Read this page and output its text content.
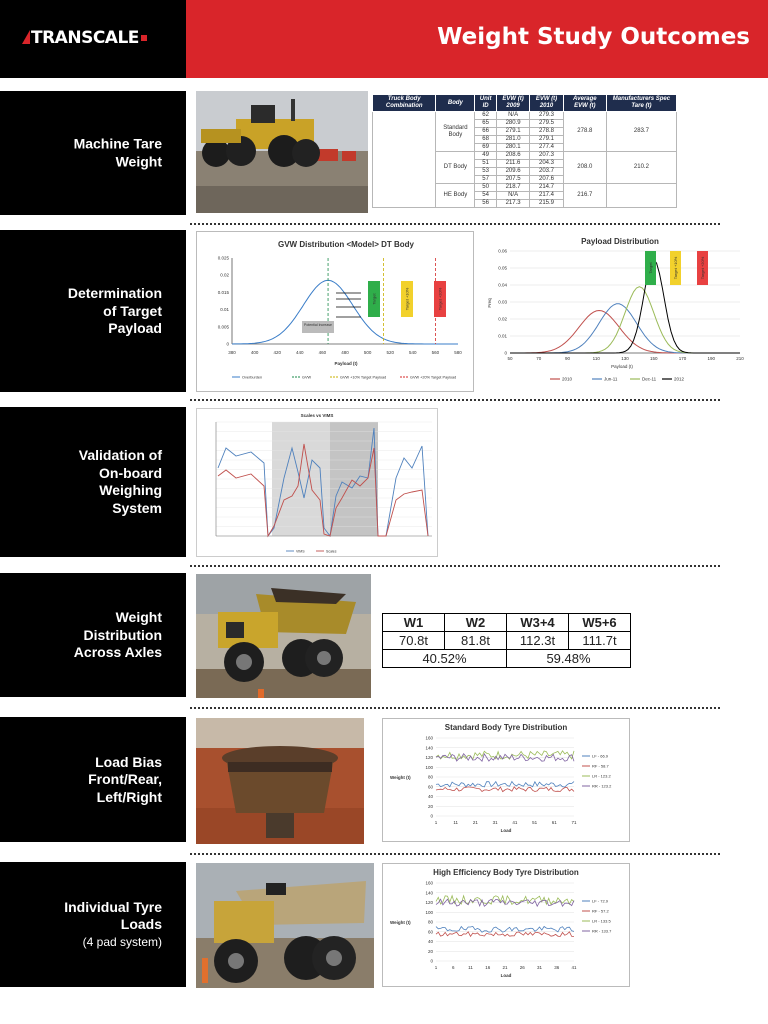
TRANSCALE	Weight Study Outcomes
Machine Tare
Weight
Determination
of Target
Payload
Validation of
On-board
Weighing
System
Weight
Distribution
Across Axles
Load Bias
Front/Rear,
Left/Right
Individual Tyre
Loads
(4 pad system)
Truck Body Combination	Body	Unit ID	EVW (t) 2009	EVW (t) 2010	Average EVW (t)	Manufacturers Spec Tare (t)
	Standard Body	62	N/A	279.3	278.8	283.7
		65	280.9	279.5		
		66	279.1	278.8		
		68	281.0	279.1		
		69	280.1	277.4		
	DT Body	49	208.6	207.3	208.0	210.2
		51	211.6	204.3		
		53	209.6	203.7		
		57	207.5	207.6		
	HE Body	50	218.7	214.7	216.7	
		54	N/A	217.4		
		56	217.3	215.9		
GVW Distribution <Model> DT Body
380	400	420	440	460	480	500	520	540	560	580
0
0.005
0.01
0.015
0.02
0.025
Payload (t)
Potential Increase
Target	Target +10%	Target +20%
Overburden	GVW	GVW +10% Target Payload	GVW +20% Target Payload
Payload Distribution
0
0.01
0.02
0.03
0.04
0.05
0.06
50	70	90	110	130	150	170	190	210
Payload (t)
Freq
Target	Target +10%	Target +20%
2010	Jun-11	Dec-11	2012
Scales vs VIMS
VIMS	Scales
W1	W2	W3+4	W5+6
70.8t	81.8t	112.3t	111.7t
40.52%		59.48%	
Standard Body Tyre Distribution
0
20
40
60
80
100
120
140
160
1	11	21	31	41	51	61	71
Load
Weight (t)
LF - 66.9
RF - 58.7
LR - 123.2
RR - 123.2
High Efficiency Body Tyre Distribution
0
20
40
60
80
100
120
140
160
1	6	11	16	21	26	31	36	41
Load
Weight (t)
LF - 72.9
RF - 57.2
LR - 133.5
RR - 133.7
